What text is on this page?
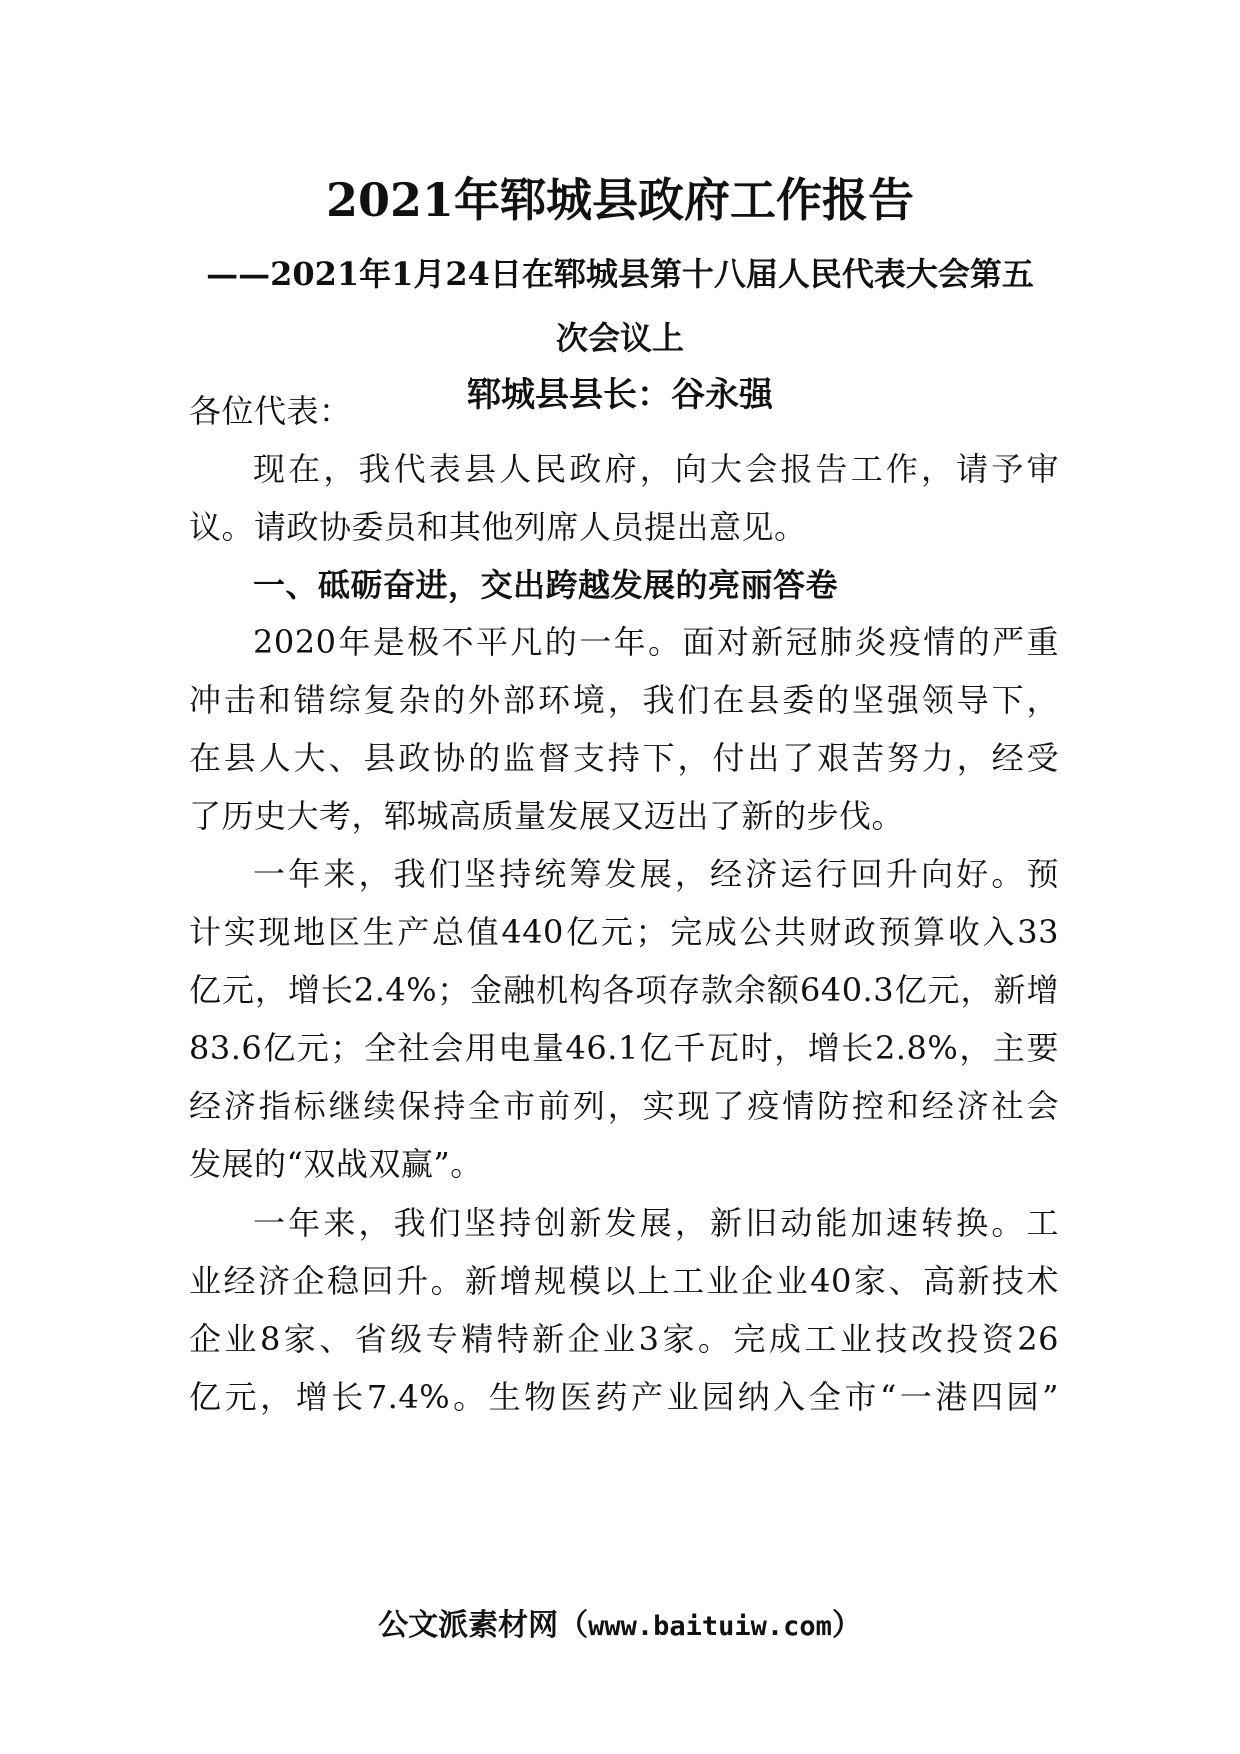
2021年郓城县政府工作报告
——2021年1月24日在郓城县第十八届人民代表大会第五
次会议上
郓城县县长：谷永强
各位代表：
现在，我代表县人民政府，向大会报告工作，请予审
议。请政协委员和其他列席人员提出意见。
一、砥砺奋进，交出跨越发展的亮丽答卷
2020年是极不平凡的一年。面对新冠肺炎疫情的严重
冲击和错综复杂的外部环境，我们在县委的坚强领导下，
在县人大、县政协的监督支持下，付出了艰苦努力，经受
了历史大考，郓城高质量发展又迈出了新的步伐。
一年来，我们坚持统筹发展，经济运行回升向好。预
计实现地区生产总值440亿元；完成公共财政预算收入33
亿元，增长2.4%；金融机构各项存款余额640.3亿元，新增
83.6亿元；全社会用电量46.1亿千瓦时，增长2.8%，主要
经济指标继续保持全市前列，实现了疫情防控和经济社会
发展的“双战双赢”。
一年来，我们坚持创新发展，新旧动能加速转换。工
业经济企稳回升。新增规模以上工业企业40家、高新技术
企业8家、省级专精特新企业3家。完成工业技改投资26
亿元，增长7.4%。生物医药产业园纳入全市“一港四园”
公文派素材网（www.baituiw.com）
